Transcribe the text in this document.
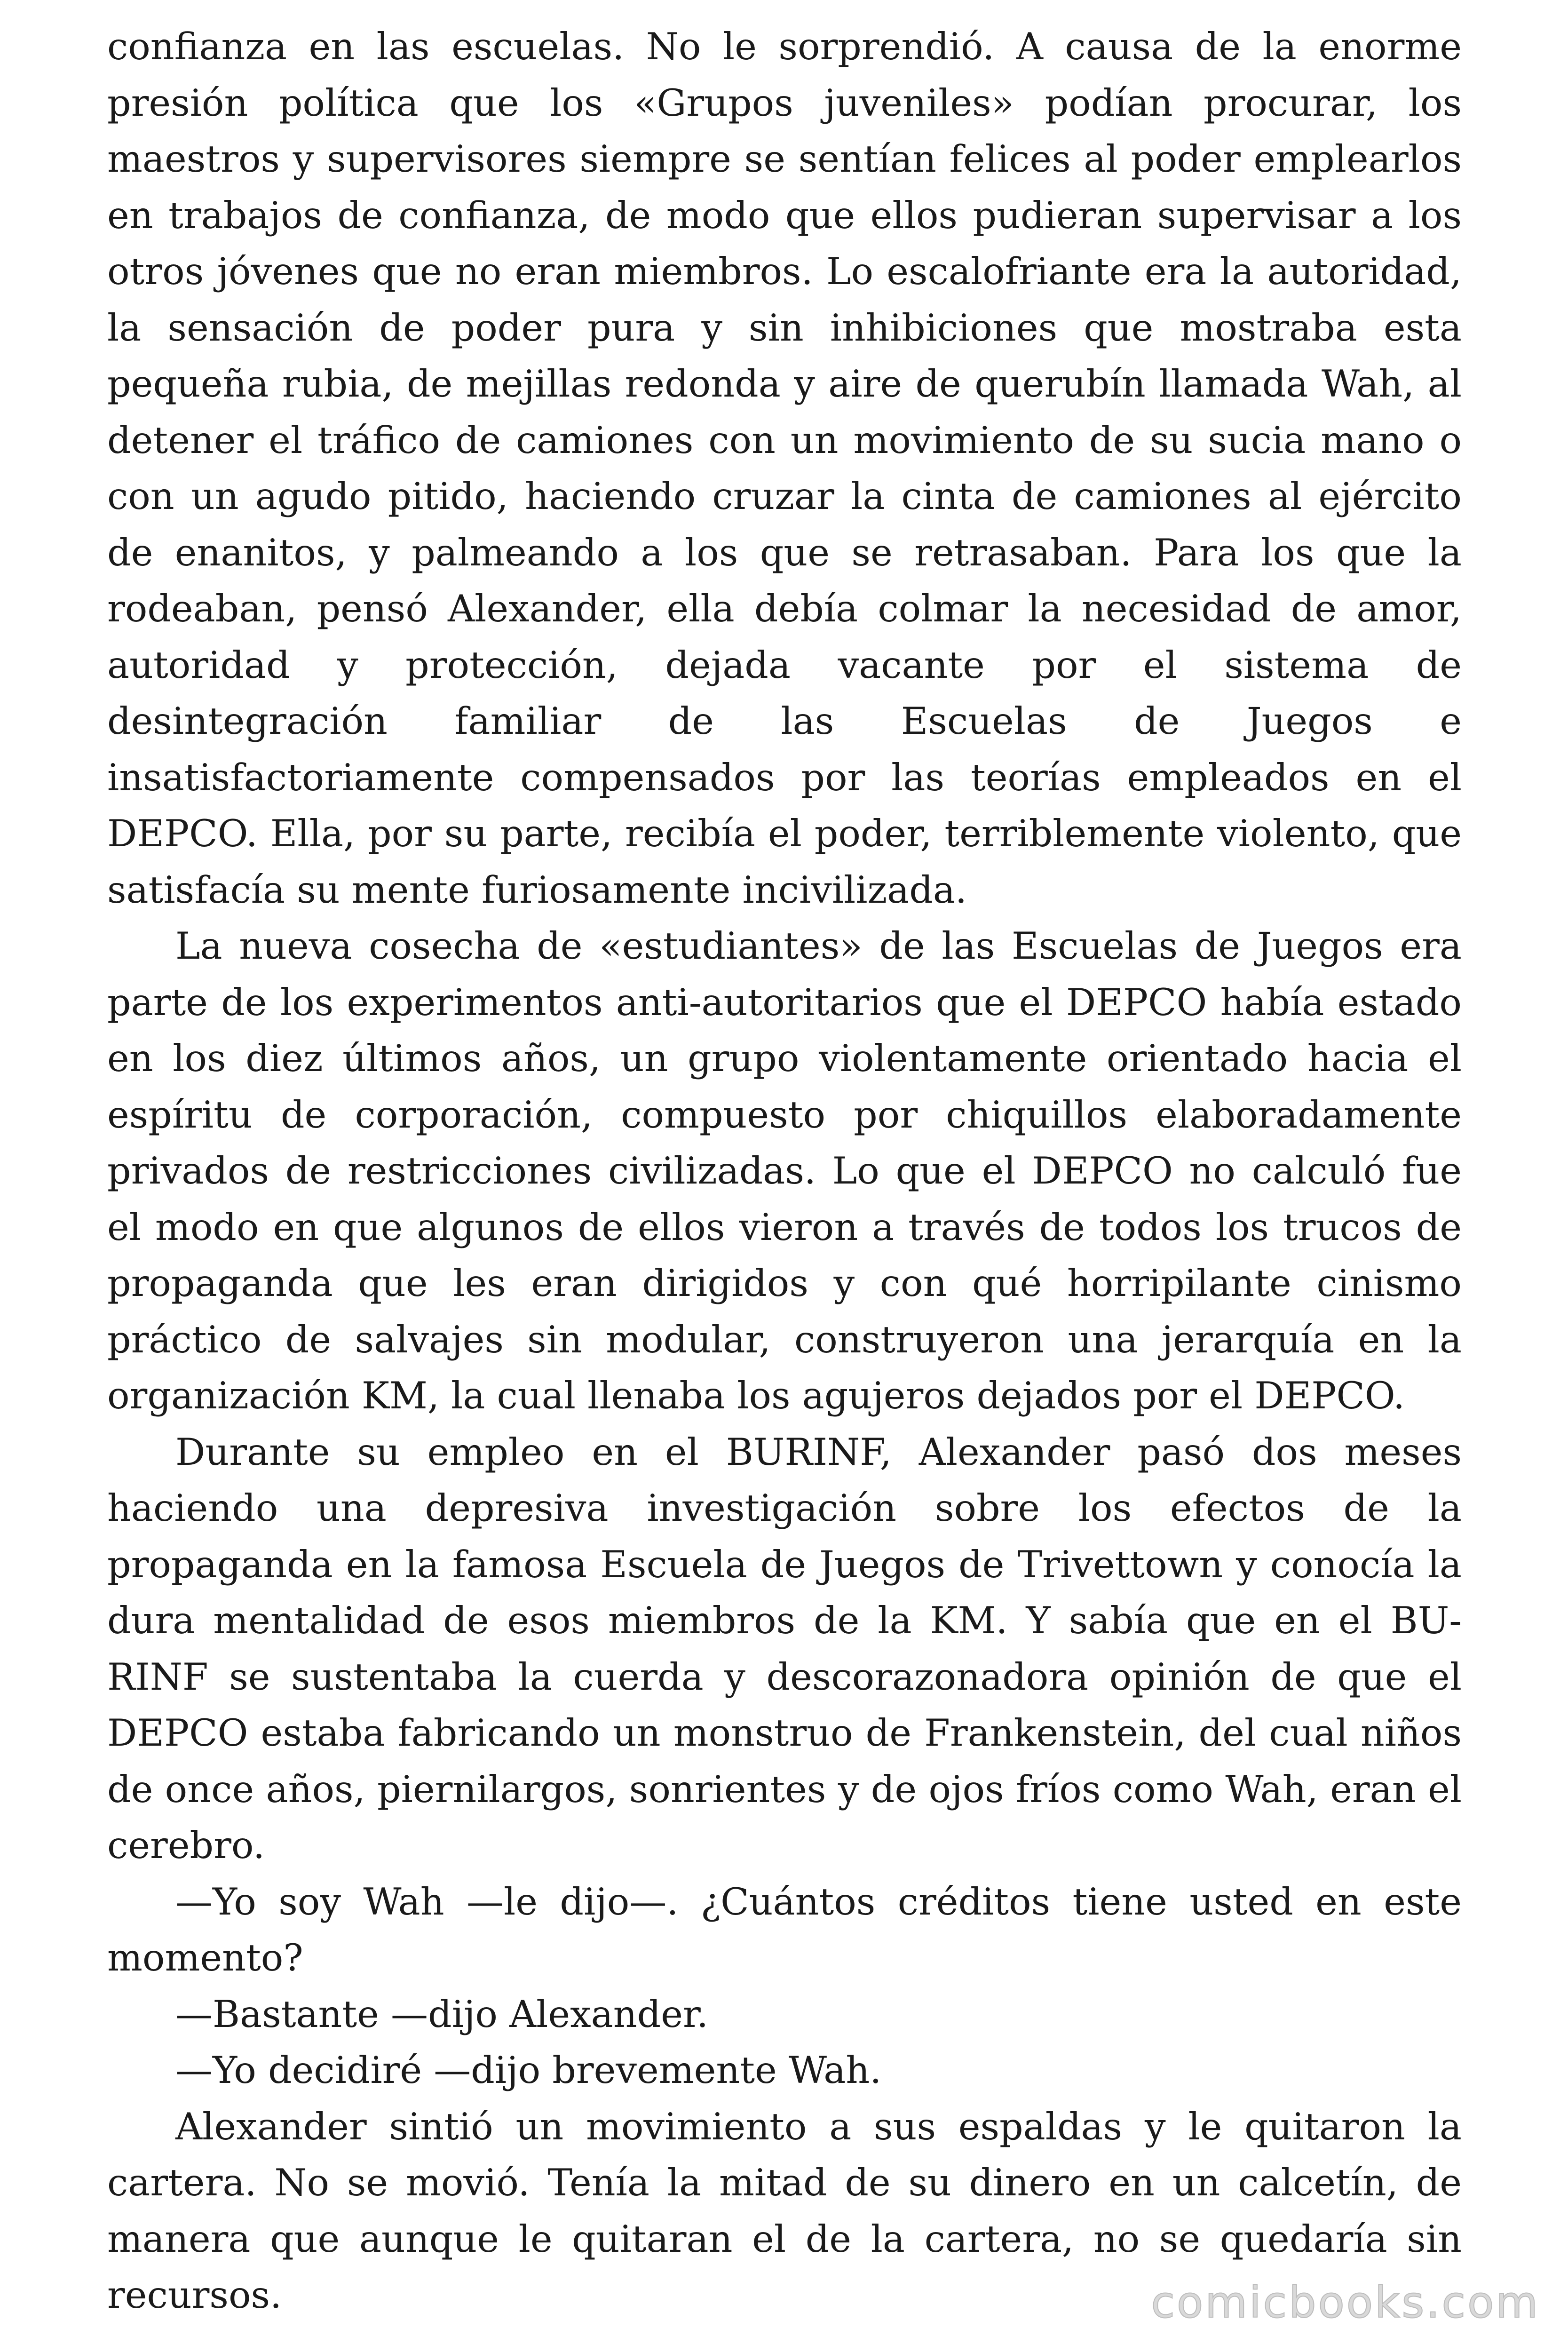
confianza en las escuelas. No le sorprendió. A causa de la enorme presión política que los «Grupos juveniles» podían procurar, los maestros y supervisores siempre se sentían felices al poder emplearlos en trabajos de confianza, de modo que ellos pudieran supervisar a los otros jóvenes que no eran miembros. Lo escalofriante era la autoridad, la sensación de poder pura y sin inhibiciones que mostraba esta pequeña rubia, de mejillas redonda y aire de querubín llamada Wah, al detener el tráfico de camiones con un movimiento de su sucia mano o con un agudo pitido, haciendo cruzar la cinta de camiones al ejército de enanitos, y palmeando a los que se retrasaban. Para los que la rodeaban, pensó Alexander, ella debía colmar la necesidad de amor, autoridad y protección, dejada vacante por el sistema de desintegración familiar de las Escuelas de Juegos e insatisfactoriamente compensados por las teorías empleados en el DEPCO. Ella, por su parte, recibía el poder, terriblemente violento, que satisfacía su mente furiosamente incivilizada.

La nueva cosecha de «estudiantes» de las Escuelas de Juegos era parte de los experimentos anti-autoritarios que el DEPCO había estado en los diez últimos años, un grupo violentamente orientado hacia el espíritu de corporación, compuesto por chiquillos elaboradamente privados de restricciones civilizadas. Lo que el DEPCO no calculó fue el modo en que algunos de ellos vieron a través de todos los trucos de propaganda que les eran dirigidos y con qué horripilante cinismo práctico de salvajes sin modular, construyeron una jerarquía en la organización KM, la cual llenaba los agujeros dejados por el DEPCO.

Durante su empleo en el BURINF, Alexander pasó dos meses haciendo una depresiva investigación sobre los efectos de la propaganda en la famosa Escuela de Juegos de Trivettown y conocía la dura mentalidad de esos miembros de la KM. Y sabía que en el BURINF se sustentaba la cuerda y descorazonadora opinión de que el DEPCO estaba fabricando un monstruo de Frankenstein, del cual niños de once años, piernilargos, sonrientes y de ojos fríos como Wah, eran el cerebro.

—Yo soy Wah —le dijo—. ¿Cuántos créditos tiene usted en este momento?

—Bastante —dijo Alexander.

—Yo decidiré —dijo brevemente Wah.

Alexander sintió un movimiento a sus espaldas y le quitaron la cartera. No se movió. Tenía la mitad de su dinero en un calcetín, de manera que aunque le quitaran el de la cartera, no se quedaría sin recursos.	comicbooks.com
